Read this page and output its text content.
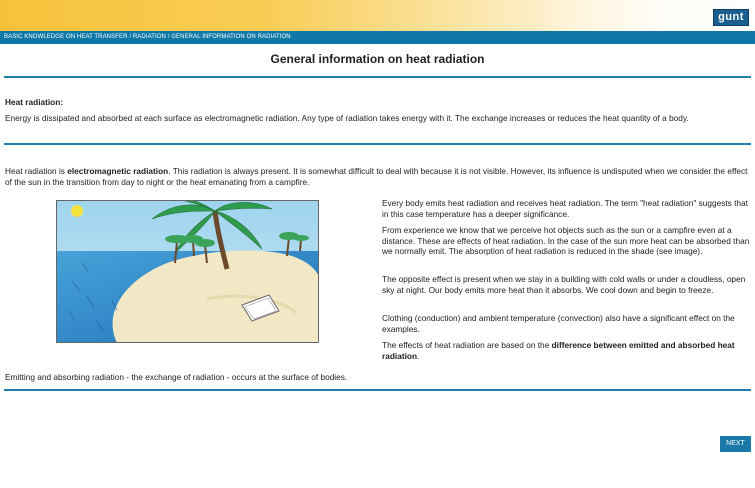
gunt
BASIC KNOWLEDGE ON HEAT TRANSFER / RADIATION / GENERAL INFORMATION ON RADIATION
General information on heat radiation
Heat radiation:
Energy is dissipated and absorbed at each surface as electromagnetic radiation. Any type of radiation takes energy with it. The exchange increases or reduces the heat quantity of a body.
Heat radiation is electromagnetic radiation. This radiation is always present. It is somewhat difficult to deal with because it is not visible. However, its influence is undisputed when we consider the effect of the sun in the transition from day to night or the heat emanating from a campfire.
Every body emits heat radiation and receives heat radiation. The term "heat radiation" suggests that in this case temperature has a deeper significance.
From experience we know that we perceive hot objects such as the sun or a campfire even at a distance. These are effects of heat radiation. In the case of the sun more heat can be absorbed than we normally emit. The absorption of heat radiation is reduced in the shade (see image).
The opposite effect is present when we stay in a building with cold walls or under a cloudless, open sky at night. Our body emits more heat than it absorbs. We cool down and begin to freeze.
Clothing (conduction) and ambient temperature (convection) also have a significant effect on the examples.
The effects of heat radiation are based on the difference between emitted and absorbed heat radiation.
Emitting and absorbing radiation - the exchange of radiation - occurs at the surface of bodies.
NEXT
